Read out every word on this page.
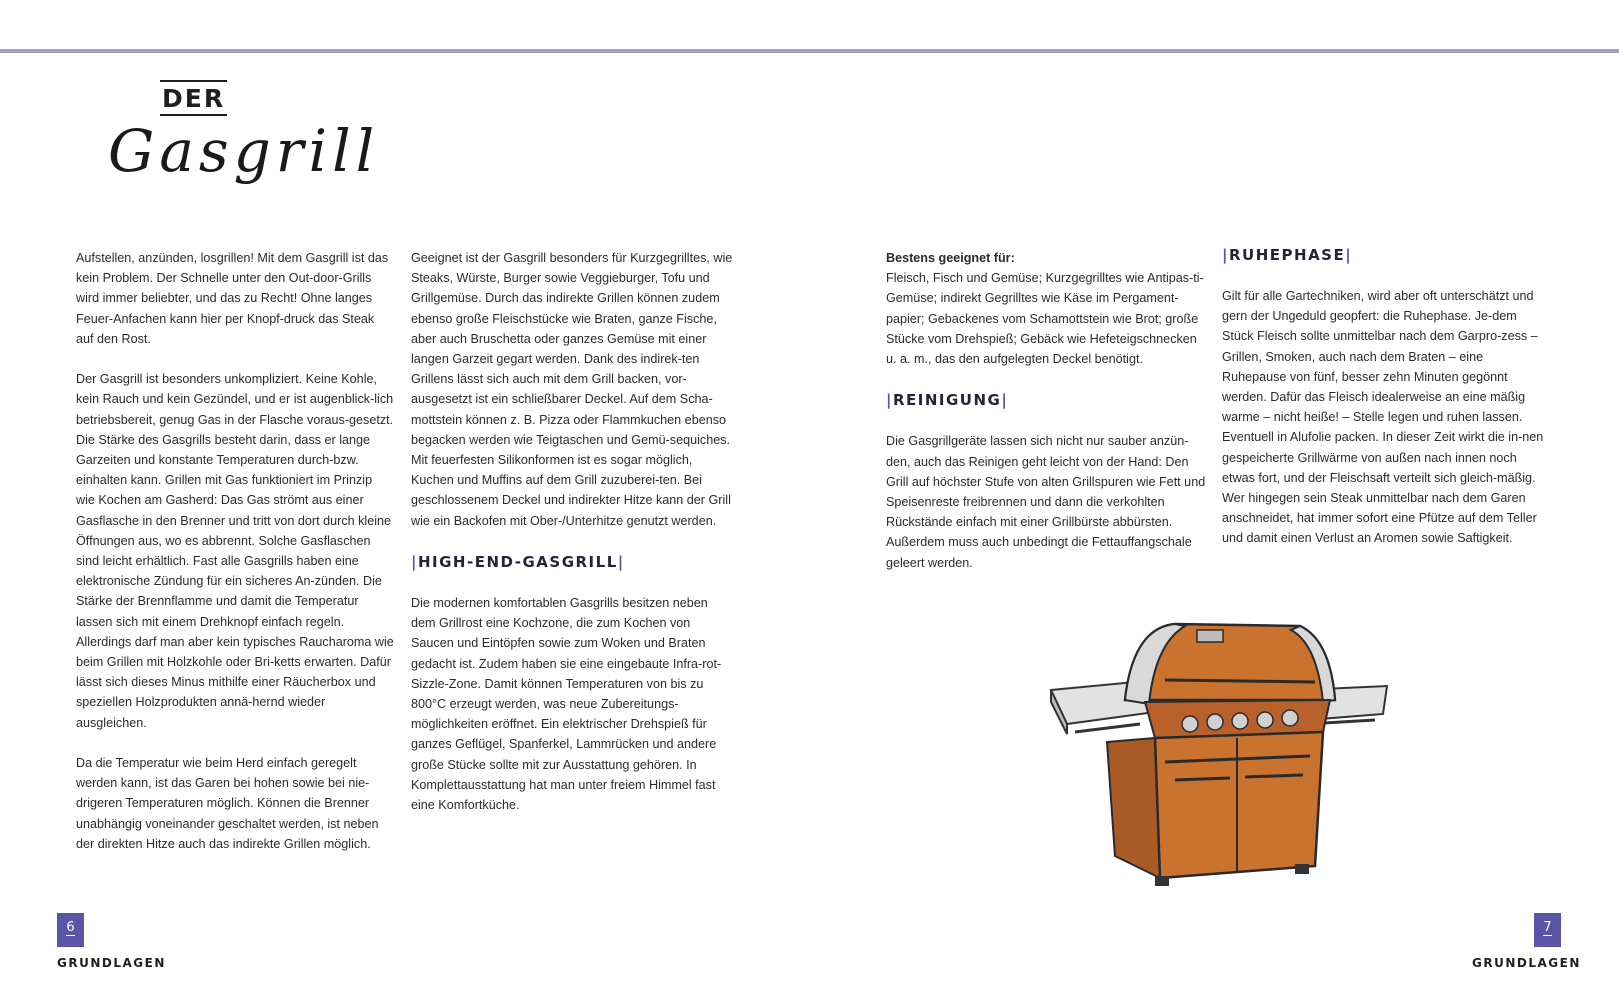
DER
Gasgrill

Aufstellen, anzünden, losgrillen! Mit dem Gasgrill ist das kein Problem. Der Schnelle unter den Out-door-Grills wird immer beliebter, und das zu Recht! Ohne langes Feuer-Anfachen kann hier per Knopf-druck das Steak auf den Rost.

Der Gasgrill ist besonders unkompliziert. Keine Kohle, kein Rauch und kein Gezündel, und er ist augenblick-lich betriebsbereit, genug Gas in der Flasche voraus-gesetzt. Die Stärke des Gasgrills besteht darin, dass er lange Garzeiten und konstante Temperaturen durch-bzw. einhalten kann. Grillen mit Gas funktioniert im Prinzip wie Kochen am Gasherd: Das Gas strömt aus einer Gasflasche in den Brenner und tritt von dort durch kleine Öffnungen aus, wo es abbrennt. Solche Gasflaschen sind leicht erhältlich. Fast alle Gasgrills haben eine elektronische Zündung für ein sicheres An-zünden. Die Stärke der Brennflamme und damit die Temperatur lassen sich mit einem Drehknopf einfach regeln. Allerdings darf man aber kein typisches Raucharoma wie beim Grillen mit Holzkohle oder Bri-ketts erwarten. Dafür lässt sich dieses Minus mithilfe einer Räucherbox und speziellen Holzprodukten annä-hernd wieder ausgleichen.

Da die Temperatur wie beim Herd einfach geregelt werden kann, ist das Garen bei hohen sowie bei nie-drigeren Temperaturen möglich. Können die Brenner unabhängig voneinander geschaltet werden, ist neben der direkten Hitze auch das indirekte Grillen möglich.

Geeignet ist der Gasgrill besonders für Kurzgegrilltes, wie Steaks, Würste, Burger sowie Veggieburger, Tofu und Grillgemüse. Durch das indirekte Grillen können zudem ebenso große Fleischstücke wie Braten, ganze Fische, aber auch Bruschetta oder ganzes Gemüse mit einer langen Garzeit gegart werden. Dank des indirek-ten Grillens lässt sich auch mit dem Grill backen, vor-ausgesetzt ist ein schließbarer Deckel. Auf dem Scha-mottstein können z. B. Pizza oder Flammkuchen ebenso begacken werden wie Teigtaschen und Gemü-sequiches. Mit feuerfesten Silikonformen ist es sogar möglich, Kuchen und Muffins auf dem Grill zuzuberei-ten. Bei geschlossenem Deckel und indirekter Hitze kann der Grill wie ein Backofen mit Ober-/Unterhitze genutzt werden.

|HIGH-END-GASGRILL|

Die modernen komfortablen Gasgrills besitzen neben dem Grillrost eine Kochzone, die zum Kochen von Saucen und Eintöpfen sowie zum Woken und Braten gedacht ist. Zudem haben sie eine eingebaute Infra-rot-Sizzle-Zone. Damit können Temperaturen von bis zu 800°C erzeugt werden, was neue Zubereitungs-möglichkeiten eröffnet. Ein elektrischer Drehspieß für ganzes Geflügel, Spanferkel, Lammrücken und andere große Stücke sollte mit zur Ausstattung gehören. In Komplettausstattung hat man unter freiem Himmel fast eine Komfortküche.

Bestens geeignet für:
Fleisch, Fisch und Gemüse; Kurzgegrilltes wie Antipas-ti-Gemüse; indirekt Gegrilltes wie Käse im Pergament-papier; Gebackenes vom Schamottstein wie Brot; große Stücke vom Drehspieß; Gebäck wie Hefeteigschnecken u. a. m., das den aufgelegten Deckel benötigt.

|REINIGUNG|

Die Gasgrillgeräte lassen sich nicht nur sauber anzün-den, auch das Reinigen geht leicht von der Hand: Den Grill auf höchster Stufe von alten Grillspuren wie Fett und Speisenreste freibrennen und dann die verkohlten Rückstände einfach mit einer Grillbürste abbürsten. Außerdem muss auch unbedingt die Fettauffangschale geleert werden.

|RUHEPHASE|

Gilt für alle Gartechniken, wird aber oft unterschätzt und gern der Ungeduld geopfert: die Ruhephase. Je-dem Stück Fleisch sollte unmittelbar nach dem Garpro-zess – Grillen, Smoken, auch nach dem Braten – eine Ruhepause von fünf, besser zehn Minuten gegönnt werden. Dafür das Fleisch idealerweise an eine mäßig warme – nicht heiße! – Stelle legen und ruhen lassen. Eventuell in Alufolie packen. In dieser Zeit wirkt die in-nen gespeicherte Grillwärme von außen nach innen noch etwas fort, und der Fleischsaft verteilt sich gleich-mäßig. Wer hingegen sein Steak unmittelbar nach dem Garen anschneidet, hat immer sofort eine Pfütze auf dem Teller und damit einen Verlust an Aromen sowie Saftigkeit.

6
GRUNDLAGEN
7
GRUNDLAGEN
